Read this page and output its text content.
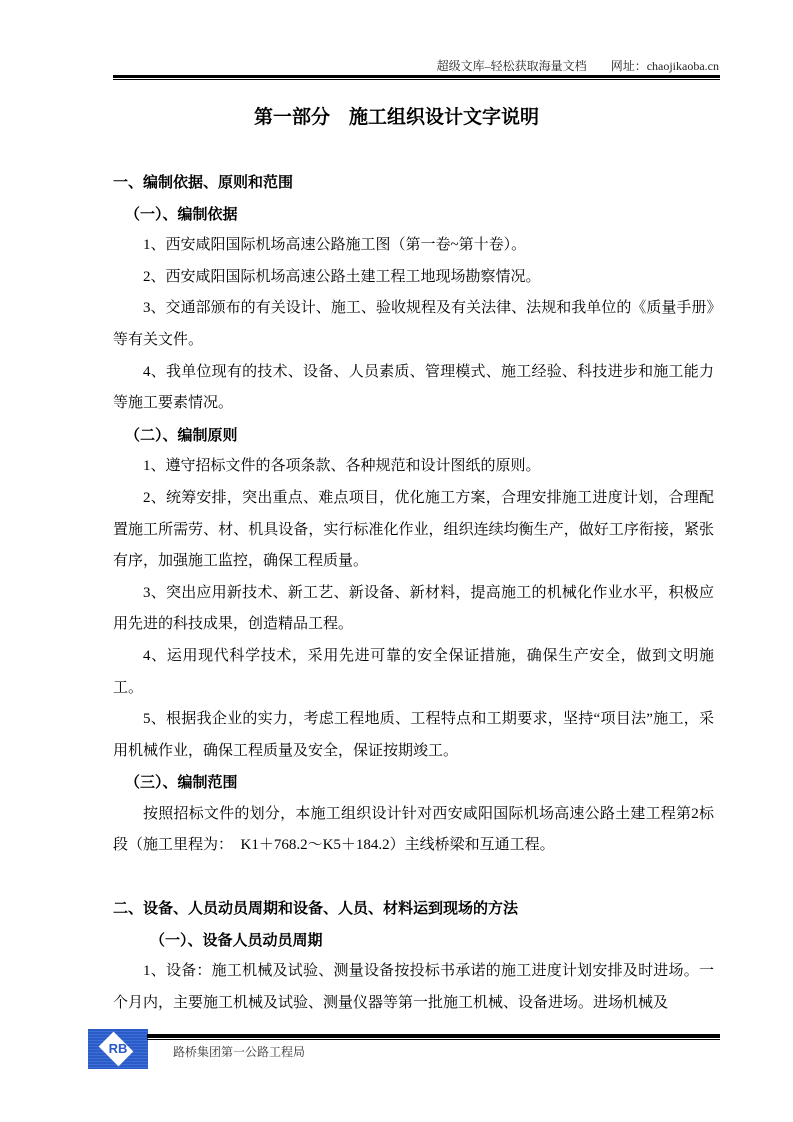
超级文库–轻松获取海量文档　　 网址：chaojikaoba.cn
第一部分　施工组织设计文字说明

一、编制依据、原则和范围

（一）、编制依据

1、西安咸阳国际机场高速公路施工图（第一卷~第十卷）。

2、西安咸阳国际机场高速公路土建工程工地现场勘察情况。

3、交通部颁布的有关设计、施工、验收规程及有关法律、法规和我单位的《质量手册》等有关文件。

4、我单位现有的技术、设备、人员素质、管理模式、施工经验、科技进步和施工能力等施工要素情况。

（二）、编制原则

1、遵守招标文件的各项条款、各种规范和设计图纸的原则。

2、统筹安排，突出重点、难点项目，优化施工方案，合理安排施工进度计划，合理配置施工所需劳、材、机具设备，实行标准化作业，组织连续均衡生产，做好工序衔接，紧张有序，加强施工监控，确保工程质量。

3、突出应用新技术、新工艺、新设备、新材料，提高施工的机械化作业水平，积极应用先进的科技成果，创造精品工程。

4、运用现代科学技术，采用先进可靠的安全保证措施，确保生产安全，做到文明施工。

5、根据我企业的实力，考虑工程地质、工程特点和工期要求，坚持“项目法”施工，采用机械作业，确保工程质量及安全，保证按期竣工。

（三）、编制范围

按照招标文件的划分，本施工组织设计针对西安咸阳国际机场高速公路土建工程第2标段（施工里程为：　K1＋768.2～K5＋184.2）主线桥梁和互通工程。

二、设备、人员动员周期和设备、人员、材料运到现场的方法

（一）、设备人员动员周期

1、设备：施工机械及试验、测量设备按投标书承诺的施工进度计划安排及时进场。一个月内，主要施工机械及试验、测量仪器等第一批施工机械、设备进场。进场机械及

RB	路桥集团第一公路工程局
